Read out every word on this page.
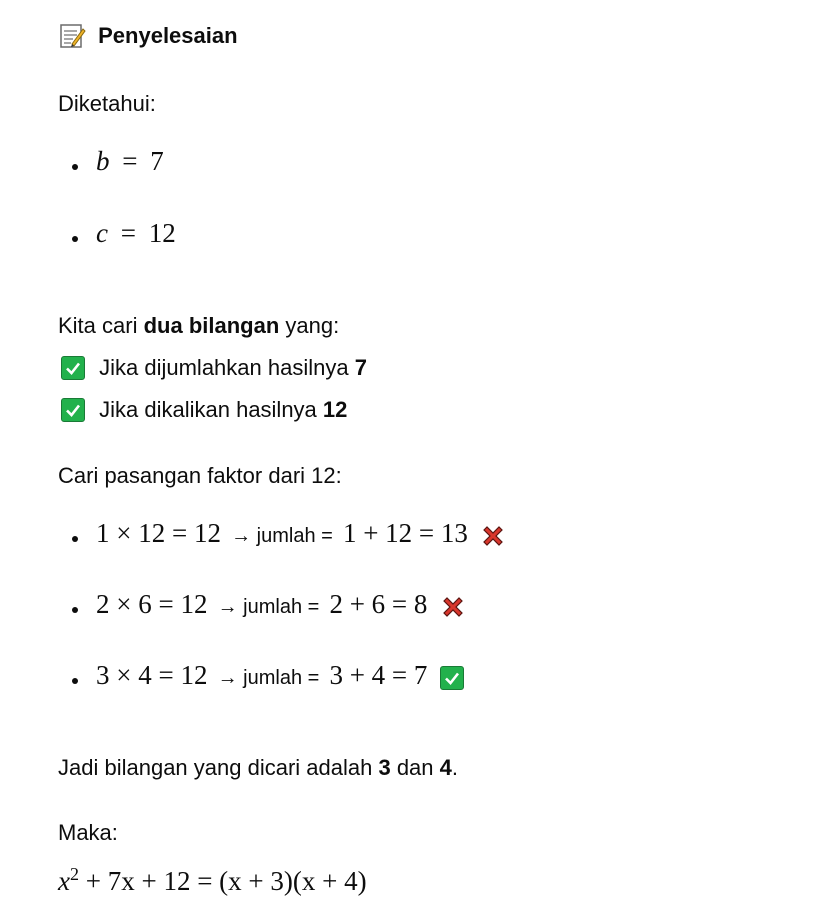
Penyelesaian
Diketahui:
b = 7
c = 12
Kita cari dua bilangan yang:
Jika dijumlahkan hasilnya 7
Jika dikalikan hasilnya 12
Cari pasangan faktor dari 12:
1 × 12 = 12 → jumlah = 1 + 12 = 13
2 × 6 = 12 → jumlah = 2 + 6 = 8
3 × 4 = 12 → jumlah = 3 + 4 = 7
Jadi bilangan yang dicari adalah 3 dan 4.
Maka:
$x^2 + 7x + 12 = (x + 3)(x + 4)$
